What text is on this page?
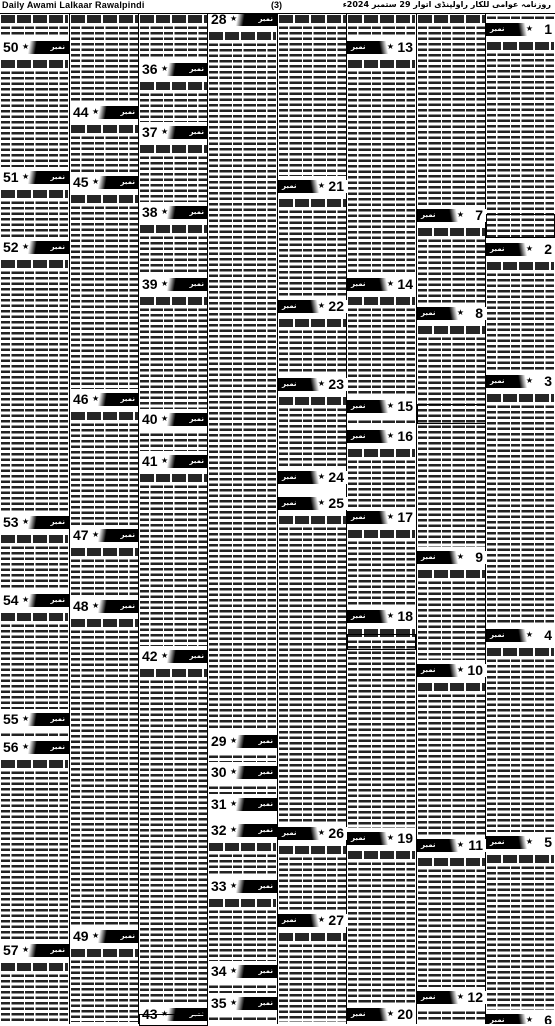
Daily Awami Lalkaar Rawalpindi	(3)	روزنامہ عوامی للکار راولپنڈی اتوار 29 ستمبر 2024ء
50	نمبر
★
51	نمبر
★
52	نمبر
★
53	نمبر
★
54	نمبر
★
55	نمبر
★
56	نمبر
★
57	نمبر
★
44	نمبر
★
45	نمبر
★
46	نمبر
★
47	نمبر
★
48	نمبر
★
49	نمبر
★
36	نمبر
★
37	نمبر
★
38	نمبر
★
39	نمبر
★
40	نمبر
★
41	نمبر
★
42	نمبر
★
43	نمبر
★
28	نمبر
★
29	نمبر
★
30	نمبر
★
31	نمبر
★
32	نمبر
★
33	نمبر
★
34	نمبر
★
35	نمبر
★
21
نمبر	★
22
نمبر	★
23
نمبر	★
24
نمبر	★
25
نمبر	★
26
نمبر	★
27
نمبر	★
13
نمبر	★
14
نمبر	★
15
نمبر	★
16
نمبر	★
17
نمبر	★
18
نمبر	★
19
نمبر	★
20
نمبر	★
7
نمبر	★
8
نمبر	★
9
نمبر	★
10
نمبر	★
11
نمبر	★
12
نمبر	★
1
نمبر	★
2
نمبر	★
3
نمبر	★
4
نمبر	★
5
نمبر	★
6
نمبر	★
